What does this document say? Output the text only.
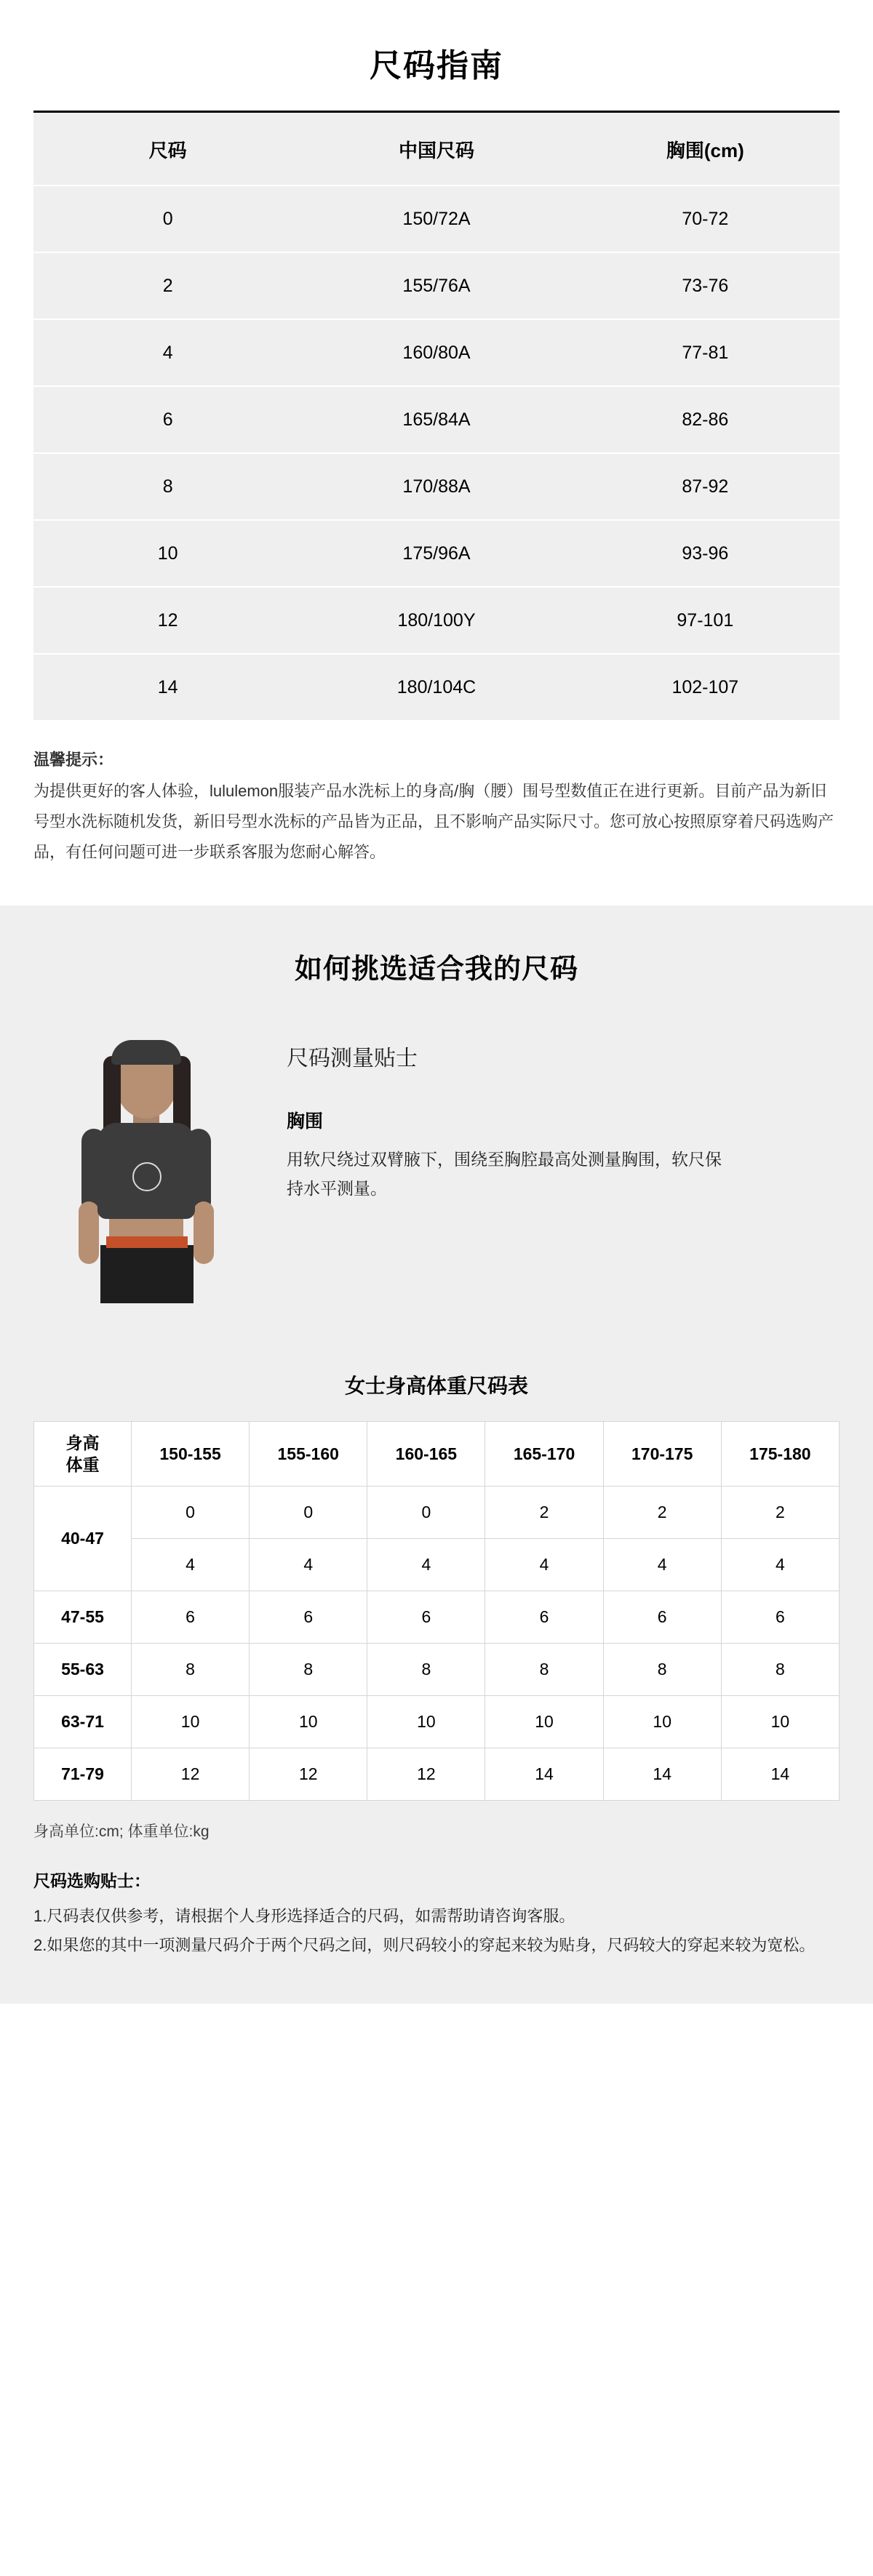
尺码指南
尺码	中国尺码	胸围(cm)
0	150/72A	70-72
2	155/76A	73-76
4	160/80A	77-81
6	165/84A	82-86
8	170/88A	87-92
10	175/96A	93-96
12	180/100Y	97-101
14	180/104C	102-107
温馨提示：
为提供更好的客人体验，lululemon服装产品水洗标上的身高/胸（腰）围号型数值正在进行更新。目前产品为新旧号型水洗标随机发货，新旧号型水洗标的产品皆为正品，且不影响产品实际尺寸。您可放心按照原穿着尺码选购产品，有任何问题可进一步联系客服为您耐心解答。
如何挑选适合我的尺码
尺码测量贴士
胸围
用软尺绕过双臂腋下，围绕至胸腔最高处测量胸围，软尺保持水平测量。
女士身高体重尺码表
身高
体重	150-155	155-160	160-165	165-170	170-175	175-180
40-47	0	0	0	2	2	2
	4	4	4	4	4	4
47-55	6	6	6	6	6	6
55-63	8	8	8	8	8	8
63-71	10	10	10	10	10	10
71-79	12	12	12	14	14	14
身高单位:cm; 体重单位:kg
尺码选购贴士：
1.尺码表仅供参考，请根据个人身形选择适合的尺码，如需帮助请咨询客服。
2.如果您的其中一项测量尺码介于两个尺码之间，则尺码较小的穿起来较为贴身，尺码较大的穿起来较为宽松。
